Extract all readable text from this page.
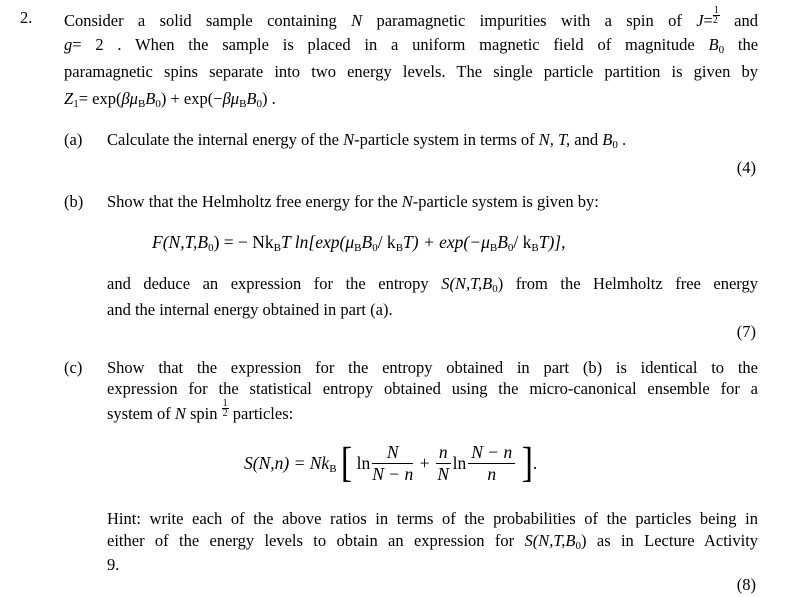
2. Consider a solid sample containing N paramagnetic impurities with a spin of $J= \frac{1}{2}$ and
g= 2 . When the sample is placed in a uniform magnetic field of magnitude $B_0$ the
paramagnetic spins separate into two energy levels. The single particle partition is given by
$Z_1= \exp(\beta\mu_BB_0) + \exp(-\beta\mu_BB_0)$ .
(a) Calculate the internal energy of the N-particle system in terms of N, T, and $B_0$ .
(4)
(b) Show that the Helmholtz free energy for the N-particle system is given by:
$F(N,T,B_0)$ = − $Nk_BT$ $\ln[\exp(\mu_BB_0/$ $k_BT) + \exp(-\mu_BB_0/$ $k_BT$)],
and deduce an expression for the entropy $S(N,T,B_0)$ from the Helmholtz free energy
and the internal energy obtained in part (a).
(7)
(c) Show that the expression for the entropy obtained in part (b) is identical to the
expression for the statistical entropy obtained using the micro-canonical ensemble for a
system of N spin $\frac{1}{2}$ particles:
$S(N,n) = Nk_B$ [ $\ln \frac{N}{N - n} + \frac{n}{N}$ $\ln \frac{N - n}{n}$ ].
Hint: write each of the above ratios in terms of the probabilities of the particles being in
either of the energy levels to obtain an expression for $S(N,T,B_0)$ as in Lecture Activity
9.
(8)
